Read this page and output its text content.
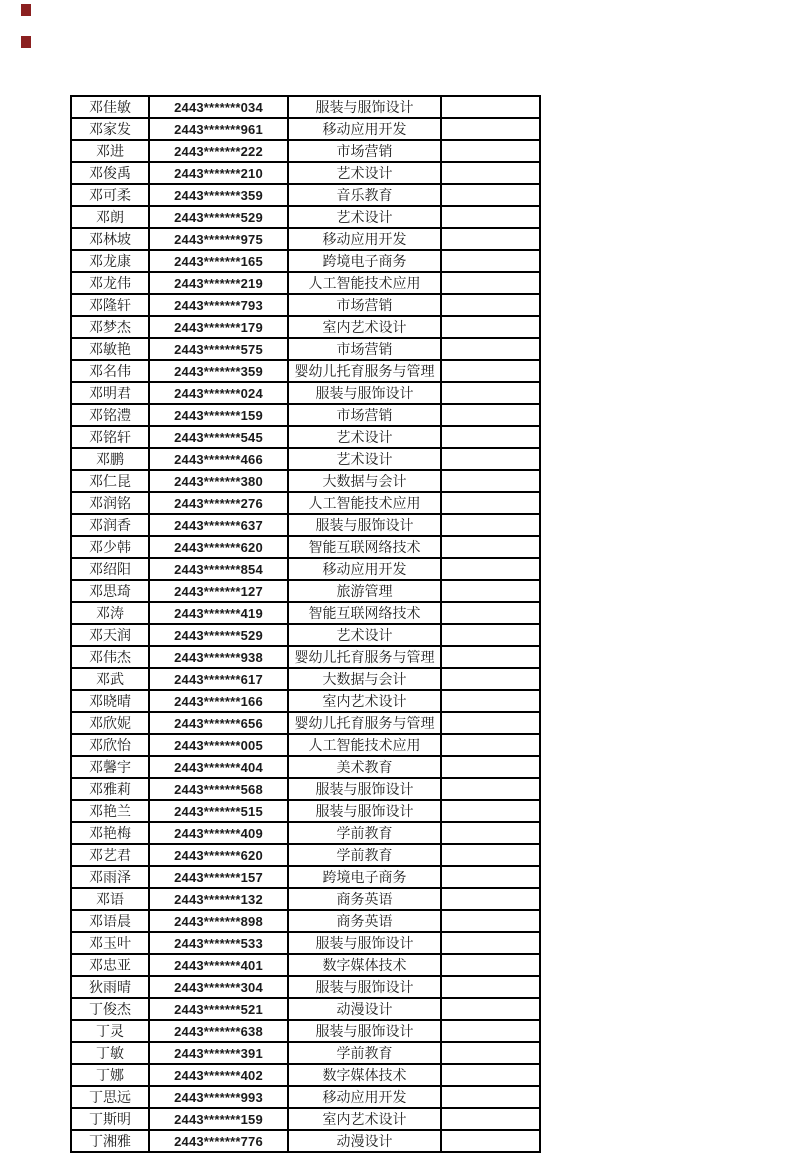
邓佳敏	2443*******034	服装与服饰设计	
邓家发	2443*******961	移动应用开发	
邓进	2443*******222	市场营销	
邓俊禹	2443*******210	艺术设计	
邓可柔	2443*******359	音乐教育	
邓朗	2443*******529	艺术设计	
邓林坡	2443*******975	移动应用开发	
邓龙康	2443*******165	跨境电子商务	
邓龙伟	2443*******219	人工智能技术应用	
邓隆轩	2443*******793	市场营销	
邓梦杰	2443*******179	室内艺术设计	
邓敏艳	2443*******575	市场营销	
邓名伟	2443*******359	婴幼儿托育服务与管理	
邓明君	2443*******024	服装与服饰设计	
邓铭澧	2443*******159	市场营销	
邓铭轩	2443*******545	艺术设计	
邓鹏	2443*******466	艺术设计	
邓仁昆	2443*******380	大数据与会计	
邓润铭	2443*******276	人工智能技术应用	
邓润香	2443*******637	服装与服饰设计	
邓少韩	2443*******620	智能互联网络技术	
邓绍阳	2443*******854	移动应用开发	
邓思琦	2443*******127	旅游管理	
邓涛	2443*******419	智能互联网络技术	
邓天润	2443*******529	艺术设计	
邓伟杰	2443*******938	婴幼儿托育服务与管理	
邓武	2443*******617	大数据与会计	
邓晓晴	2443*******166	室内艺术设计	
邓欣妮	2443*******656	婴幼儿托育服务与管理	
邓欣怡	2443*******005	人工智能技术应用	
邓馨宇	2443*******404	美术教育	
邓雅莉	2443*******568	服装与服饰设计	
邓艳兰	2443*******515	服装与服饰设计	
邓艳梅	2443*******409	学前教育	
邓艺君	2443*******620	学前教育	
邓雨泽	2443*******157	跨境电子商务	
邓语	2443*******132	商务英语	
邓语晨	2443*******898	商务英语	
邓玉叶	2443*******533	服装与服饰设计	
邓忠亚	2443*******401	数字媒体技术	
狄雨晴	2443*******304	服装与服饰设计	
丁俊杰	2443*******521	动漫设计	
丁灵	2443*******638	服装与服饰设计	
丁敏	2443*******391	学前教育	
丁娜	2443*******402	数字媒体技术	
丁思远	2443*******993	移动应用开发	
丁斯明	2443*******159	室内艺术设计	
丁湘雅	2443*******776	动漫设计	
